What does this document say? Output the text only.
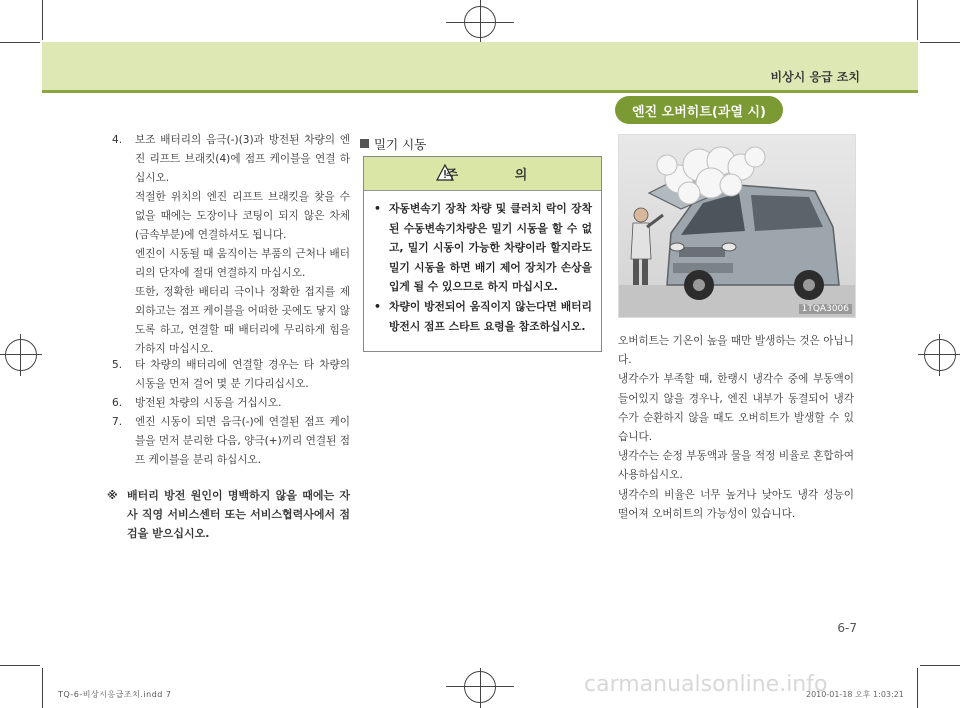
비상시 응급 조치
4.	보조 배터리의 음극(-)(3)과 방전된 차량의 엔진 리프트 브래킷(4)에 점프 케이블을 연결 하십시오.
적절한 위치의 엔진 리프트 브래킷을 찾을 수 없을 때에는 도장이나 코팅이 되지 않은 차체 (금속부분)에 연결하셔도 됩니다.
엔진이 시동될 때 움직이는 부품의 근처나 배터리의 단자에 절대 연결하지 마십시오.
또한, 정확한 배터리 극이나 정확한 접지를 제외하고는 점프 케이블을 어떠한 곳에도 닿지 않도록 하고, 연결할 때 배터리에 무리하게 힘을 가하지 마십시오.
5.	타 차량의 배터리에 연결할 경우는 타 차량의 시동을 먼저 걸어 몇 분 기다리십시오.
6.	방전된 차량의 시동을 거십시오.
7.	엔진 시동이 되면 음극(-)에 연결된 점프 케이블을 먼저 분리한 다음, 양극(+)끼리 연결된 점프 케이블을 분리 하십시오.
※ 배터리 방전 원인이 명백하지 않을 때에는 자사 직영 서비스센터 또는 서비스협력사에서 점검을 받으십시오.
밀기 시동
주 의
• 자동변속기 장착 차량 및 클러치 락이 장착된 수동변속기차량은 밀기 시동을 할 수 없고, 밀기 시동이 가능한 차량이라 할지라도 밀기 시동을 하면 배기 제어 장치가 손상을 입게 될 수 있으므로 하지 마십시오.
• 차량이 방전되어 움직이지 않는다면 배터리 방전시 점프 스타트 요령을 참조하십시오.
엔진 오버히트(과열 시)
1TQA3006
오버히트는 기온이 높을 때만 발생하는 것은 아닙니다.
냉각수가 부족할 때, 한랭시 냉각수 중에 부동액이 들어있지 않을 경우나, 엔진 내부가 동결되어 냉각수가 순환하지 않을 때도 오버히트가 발생할 수 있습니다.
냉각수는 순정 부동액과 물을 적정 비율로 혼합하여 사용하십시오.
냉각수의 비율은 너무 높거나 낮아도 냉각 성능이 떨어져 오버히트의 가능성이 있습니다.
6-7
carmanualsonline.info
TQ-6-비상시응급조치.indd 7	2010-01-18 오후 1:03:21
